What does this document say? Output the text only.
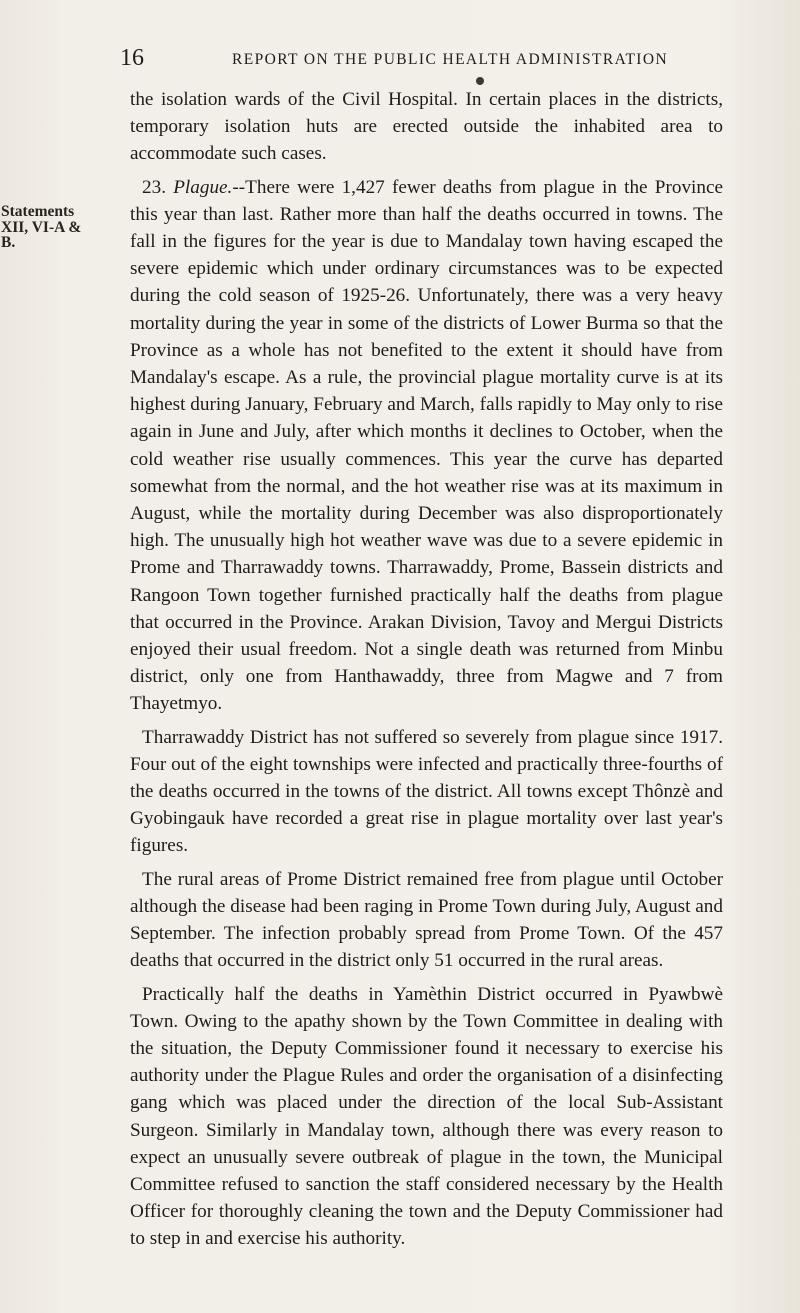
16	REPORT ON THE PUBLIC HEALTH ADMINISTRATION
Statements
XII, VI-A &
B.

the isolation wards of the Civil Hospital. In certain places in the districts, temporary isolation huts are erected outside the inhabited area to accommodate such cases.

23. Plague.--There were 1,427 fewer deaths from plague in the Province this year than last. Rather more than half the deaths occurred in towns. The fall in the figures for the year is due to Mandalay town having escaped the severe epidemic which under ordinary circumstances was to be expected during the cold season of 1925-26. Unfortunately, there was a very heavy mortality during the year in some of the districts of Lower Burma so that the Province as a whole has not benefited to the extent it should have from Mandalay's escape. As a rule, the provincial plague mortality curve is at its highest during January, February and March, falls rapidly to May only to rise again in June and July, after which months it declines to October, when the cold weather rise usually commences. This year the curve has departed somewhat from the normal, and the hot weather rise was at its maximum in August, while the mortality during December was also disproportionately high. The unusually high hot weather wave was due to a severe epidemic in Prome and Tharrawaddy towns. Tharrawaddy, Prome, Bassein districts and Rangoon Town together furnished practically half the deaths from plague that occurred in the Province. Arakan Division, Tavoy and Mergui Districts enjoyed their usual freedom. Not a single death was returned from Minbu district, only one from Hanthawaddy, three from Magwe and 7 from Thayetmyo.

Tharrawaddy District has not suffered so severely from plague since 1917. Four out of the eight townships were infected and practically three-fourths of the deaths occurred in the towns of the district. All towns except Thônzè and Gyobingauk have recorded a great rise in plague mortality over last year's figures.

The rural areas of Prome District remained free from plague until October although the disease had been raging in Prome Town during July, August and September. The infection probably spread from Prome Town. Of the 457 deaths that occurred in the district only 51 occurred in the rural areas.

Practically half the deaths in Yamèthin District occurred in Pyawbwè Town. Owing to the apathy shown by the Town Committee in dealing with the situation, the Deputy Commissioner found it necessary to exercise his authority under the Plague Rules and order the organisation of a disinfecting gang which was placed under the direction of the local Sub-Assistant Surgeon. Similarly in Mandalay town, although there was every reason to expect an unusually severe outbreak of plague in the town, the Municipal Committee refused to sanction the staff considered necessary by the Health Officer for thoroughly cleaning the town and the Deputy Commissioner had to step in and exercise his authority.
